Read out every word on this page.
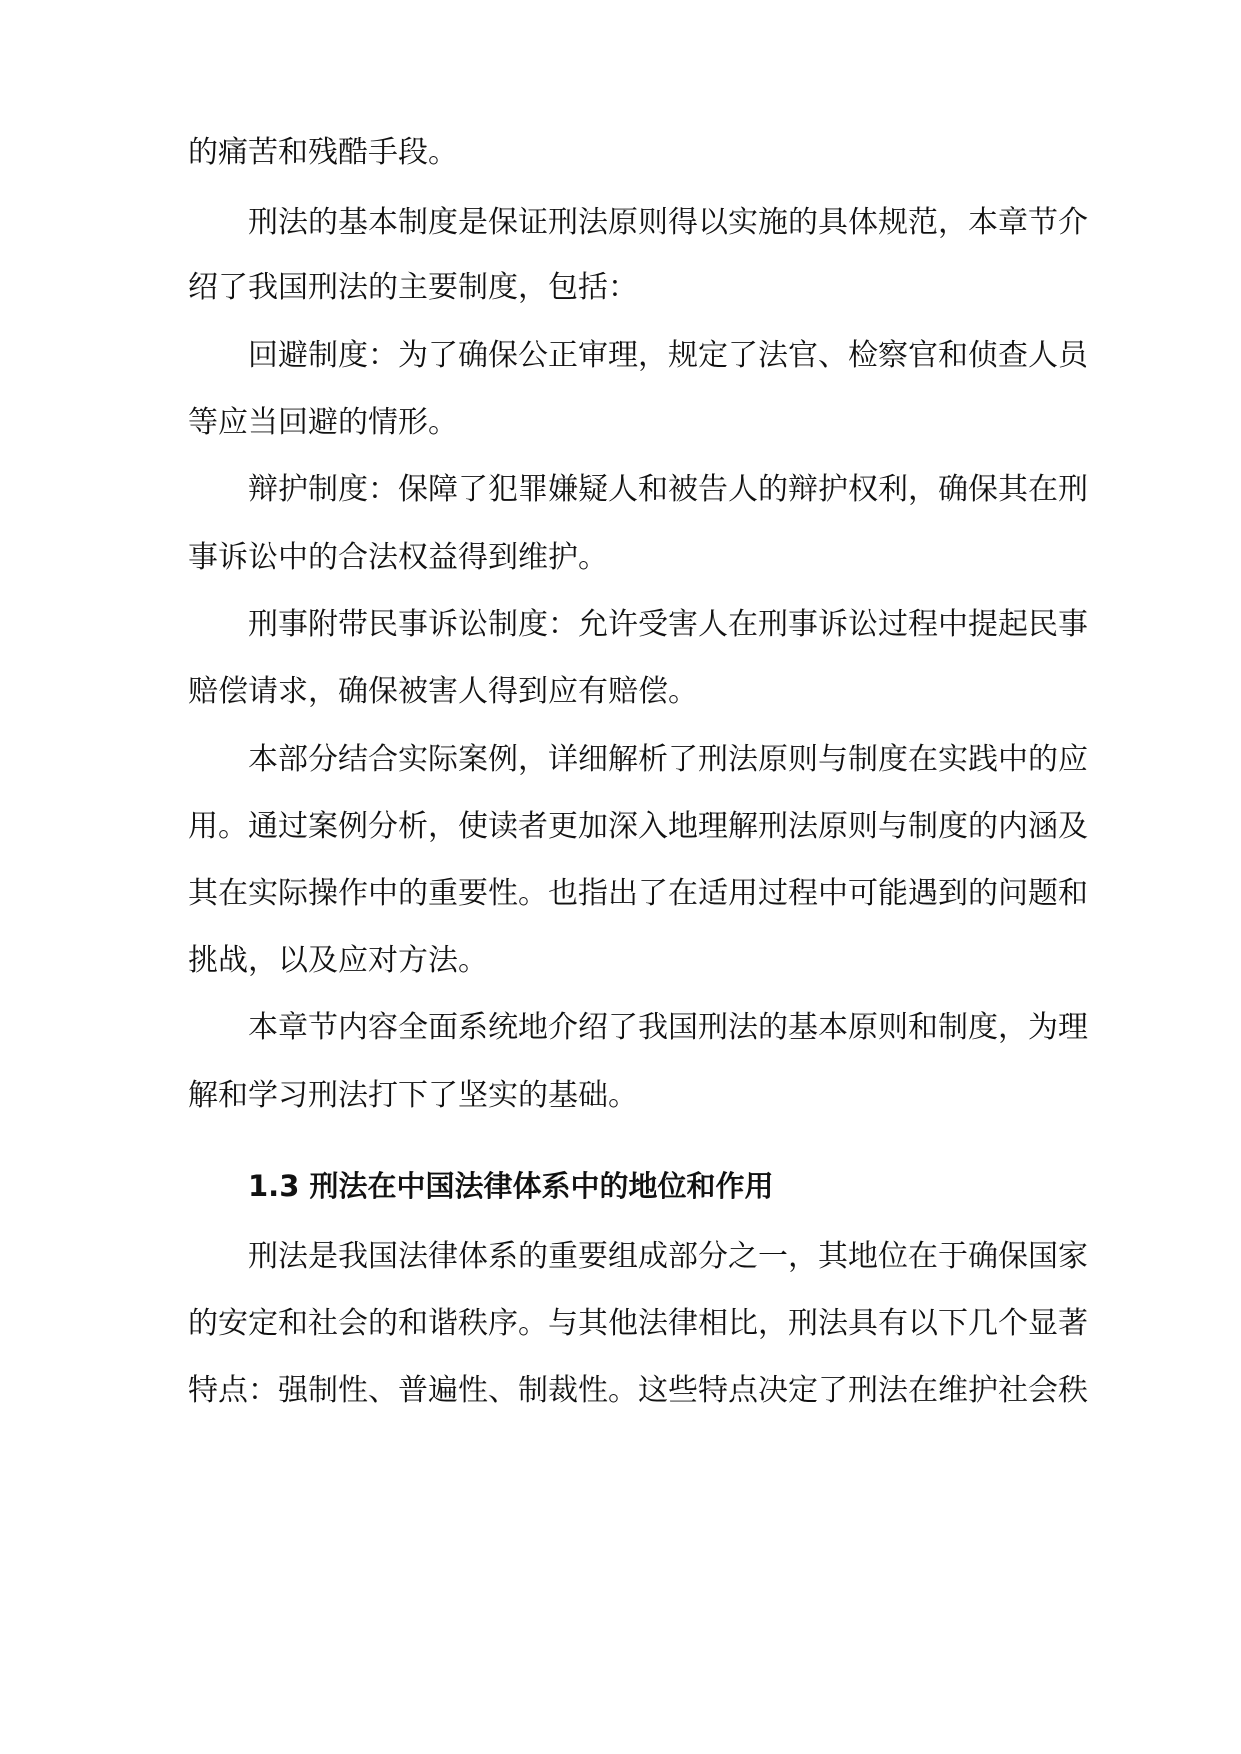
的痛苦和残酷手段。
刑法的基本制度是保证刑法原则得以实施的具体规范，本章节介
绍了我国刑法的主要制度，包括：
回避制度：为了确保公正审理，规定了法官、检察官和侦查人员
等应当回避的情形。
辩护制度：保障了犯罪嫌疑人和被告人的辩护权利，确保其在刑
事诉讼中的合法权益得到维护。
刑事附带民事诉讼制度：允许受害人在刑事诉讼过程中提起民事
赔偿请求，确保被害人得到应有赔偿。
本部分结合实际案例，详细解析了刑法原则与制度在实践中的应
用。通过案例分析，使读者更加深入地理解刑法原则与制度的内涵及
其在实际操作中的重要性。也指出了在适用过程中可能遇到的问题和
挑战，以及应对方法。
本章节内容全面系统地介绍了我国刑法的基本原则和制度，为理
解和学习刑法打下了坚实的基础。
1.3 刑法在中国法律体系中的地位和作用
刑法是我国法律体系的重要组成部分之一，其地位在于确保国家
的安定和社会的和谐秩序。与其他法律相比，刑法具有以下几个显著
特点：强制性、普遍性、制裁性。这些特点决定了刑法在维护社会秩
